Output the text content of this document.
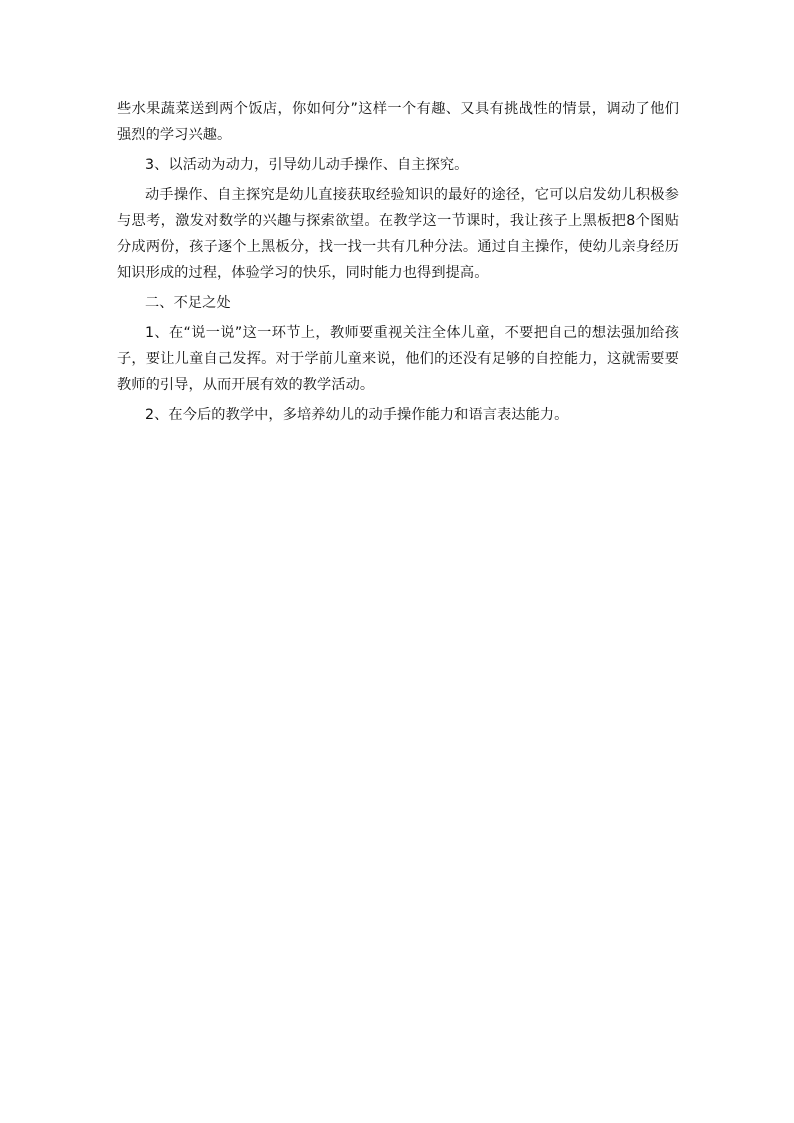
些水果蔬菜送到两个饭店，你如何分”这样一个有趣、又具有挑战性的情景，调动了他们强烈的学习兴趣。

3、以活动为动力，引导幼儿动手操作、自主探究。

动手操作、自主探究是幼儿直接获取经验知识的最好的途径，它可以启发幼儿积极参与思考，激发对数学的兴趣与探索欲望。在教学这一节课时，我让孩子上黑板把8个图贴分成两份，孩子逐个上黑板分，找一找一共有几种分法。通过自主操作，使幼儿亲身经历知识形成的过程，体验学习的快乐，同时能力也得到提高。

二、不足之处

1、在“说一说”这一环节上，教师要重视关注全体儿童，不要把自己的想法强加给孩子，要让儿童自己发挥。对于学前儿童来说，他们的还没有足够的自控能力，这就需要要教师的引导，从而开展有效的教学活动。

2、在今后的教学中，多培养幼儿的动手操作能力和语言表达能力。
